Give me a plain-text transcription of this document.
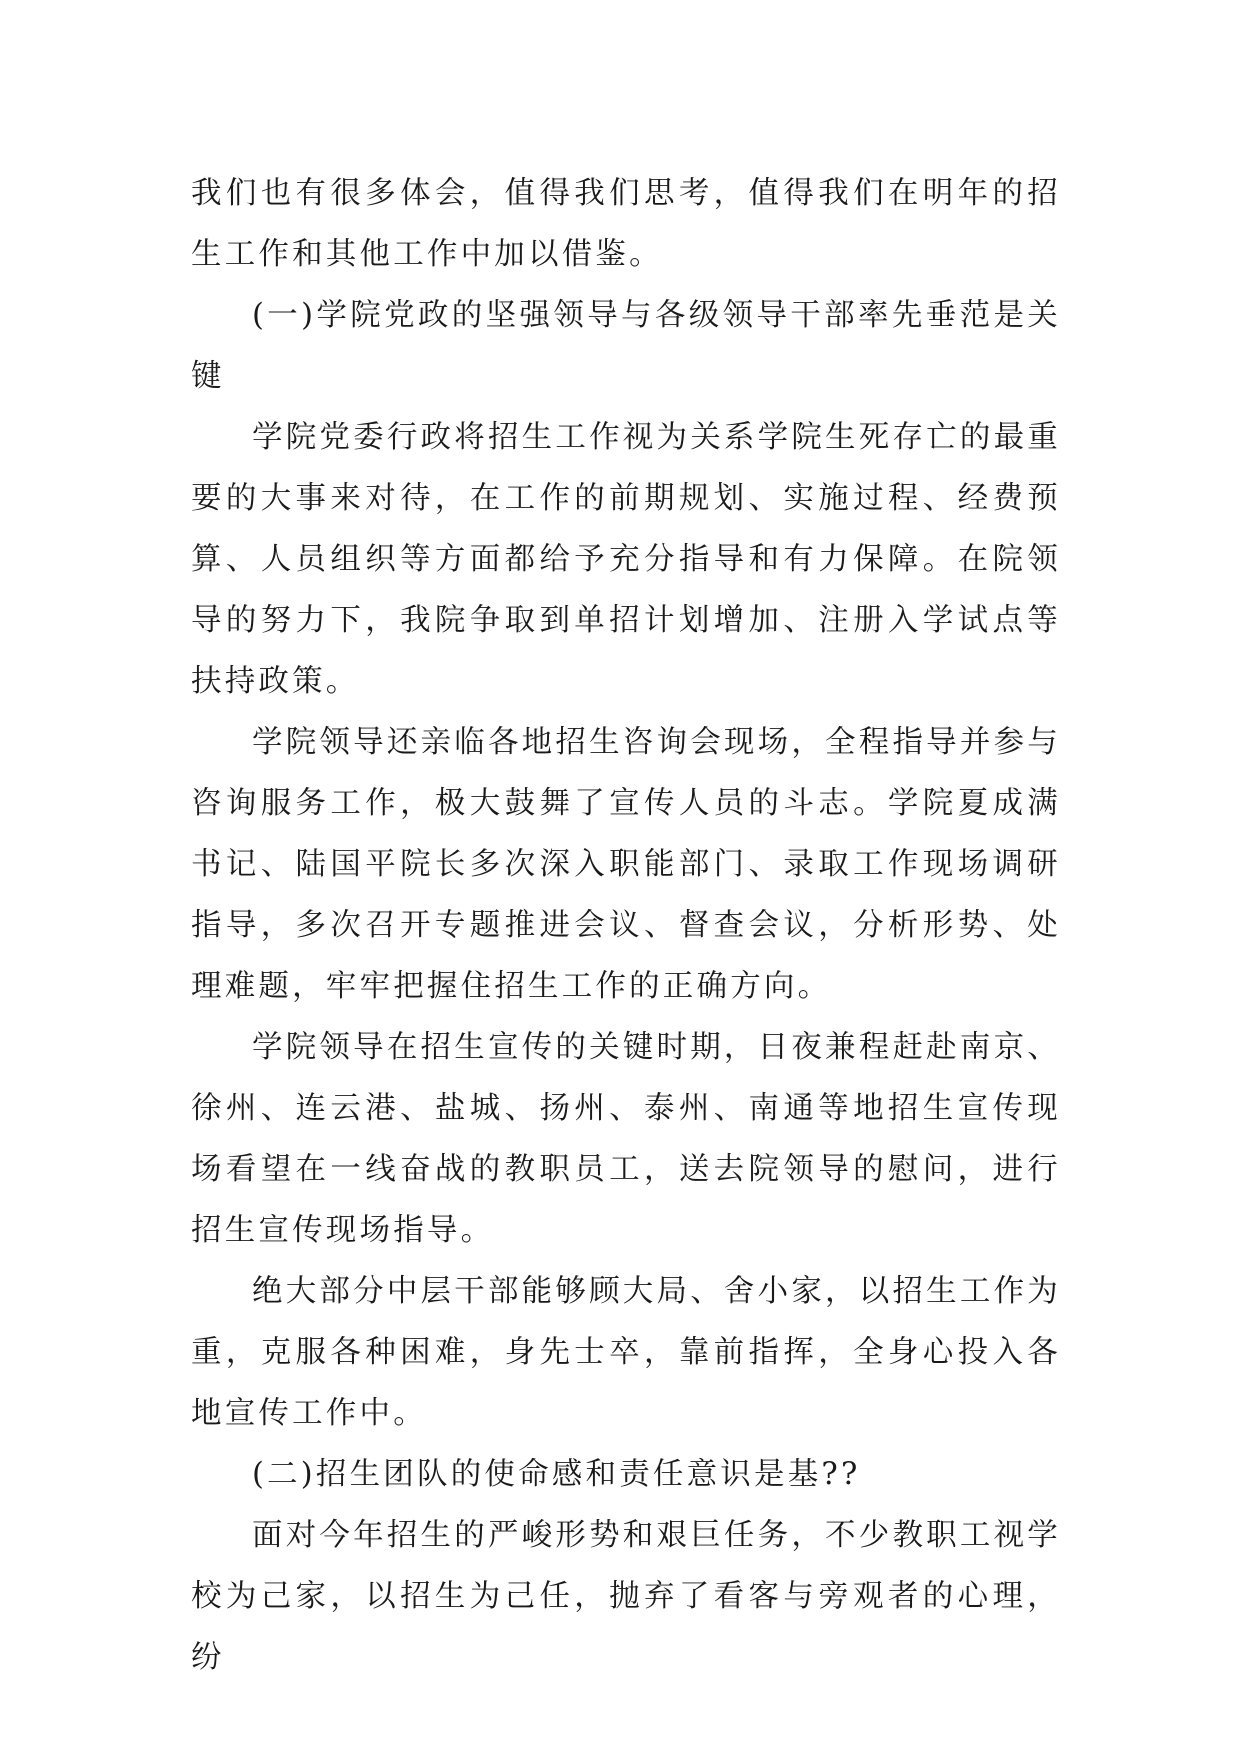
我们也有很多体会，值得我们思考，值得我们在明年的招生工作和其他工作中加以借鉴。

(一)学院党政的坚强领导与各级领导干部率先垂范是关键

学院党委行政将招生工作视为关系学院生死存亡的最重要的大事来对待，在工作的前期规划、实施过程、经费预算、人员组织等方面都给予充分指导和有力保障。在院领导的努力下，我院争取到单招计划增加、注册入学试点等扶持政策。

学院领导还亲临各地招生咨询会现场，全程指导并参与咨询服务工作，极大鼓舞了宣传人员的斗志。学院夏成满书记、陆国平院长多次深入职能部门、录取工作现场调研指导，多次召开专题推进会议、督查会议，分析形势、处理难题，牢牢把握住招生工作的正确方向。

学院领导在招生宣传的关键时期，日夜兼程赶赴南京、徐州、连云港、盐城、扬州、泰州、南通等地招生宣传现场看望在一线奋战的教职员工，送去院领导的慰问，进行招生宣传现场指导。

绝大部分中层干部能够顾大局、舍小家，以招生工作为重，克服各种困难，身先士卒，靠前指挥，全身心投入各地宣传工作中。

(二)招生团队的使命感和责任意识是基??

面对今年招生的严峻形势和艰巨任务，不少教职工视学校为己家，以招生为己任，抛弃了看客与旁观者的心理，纷
